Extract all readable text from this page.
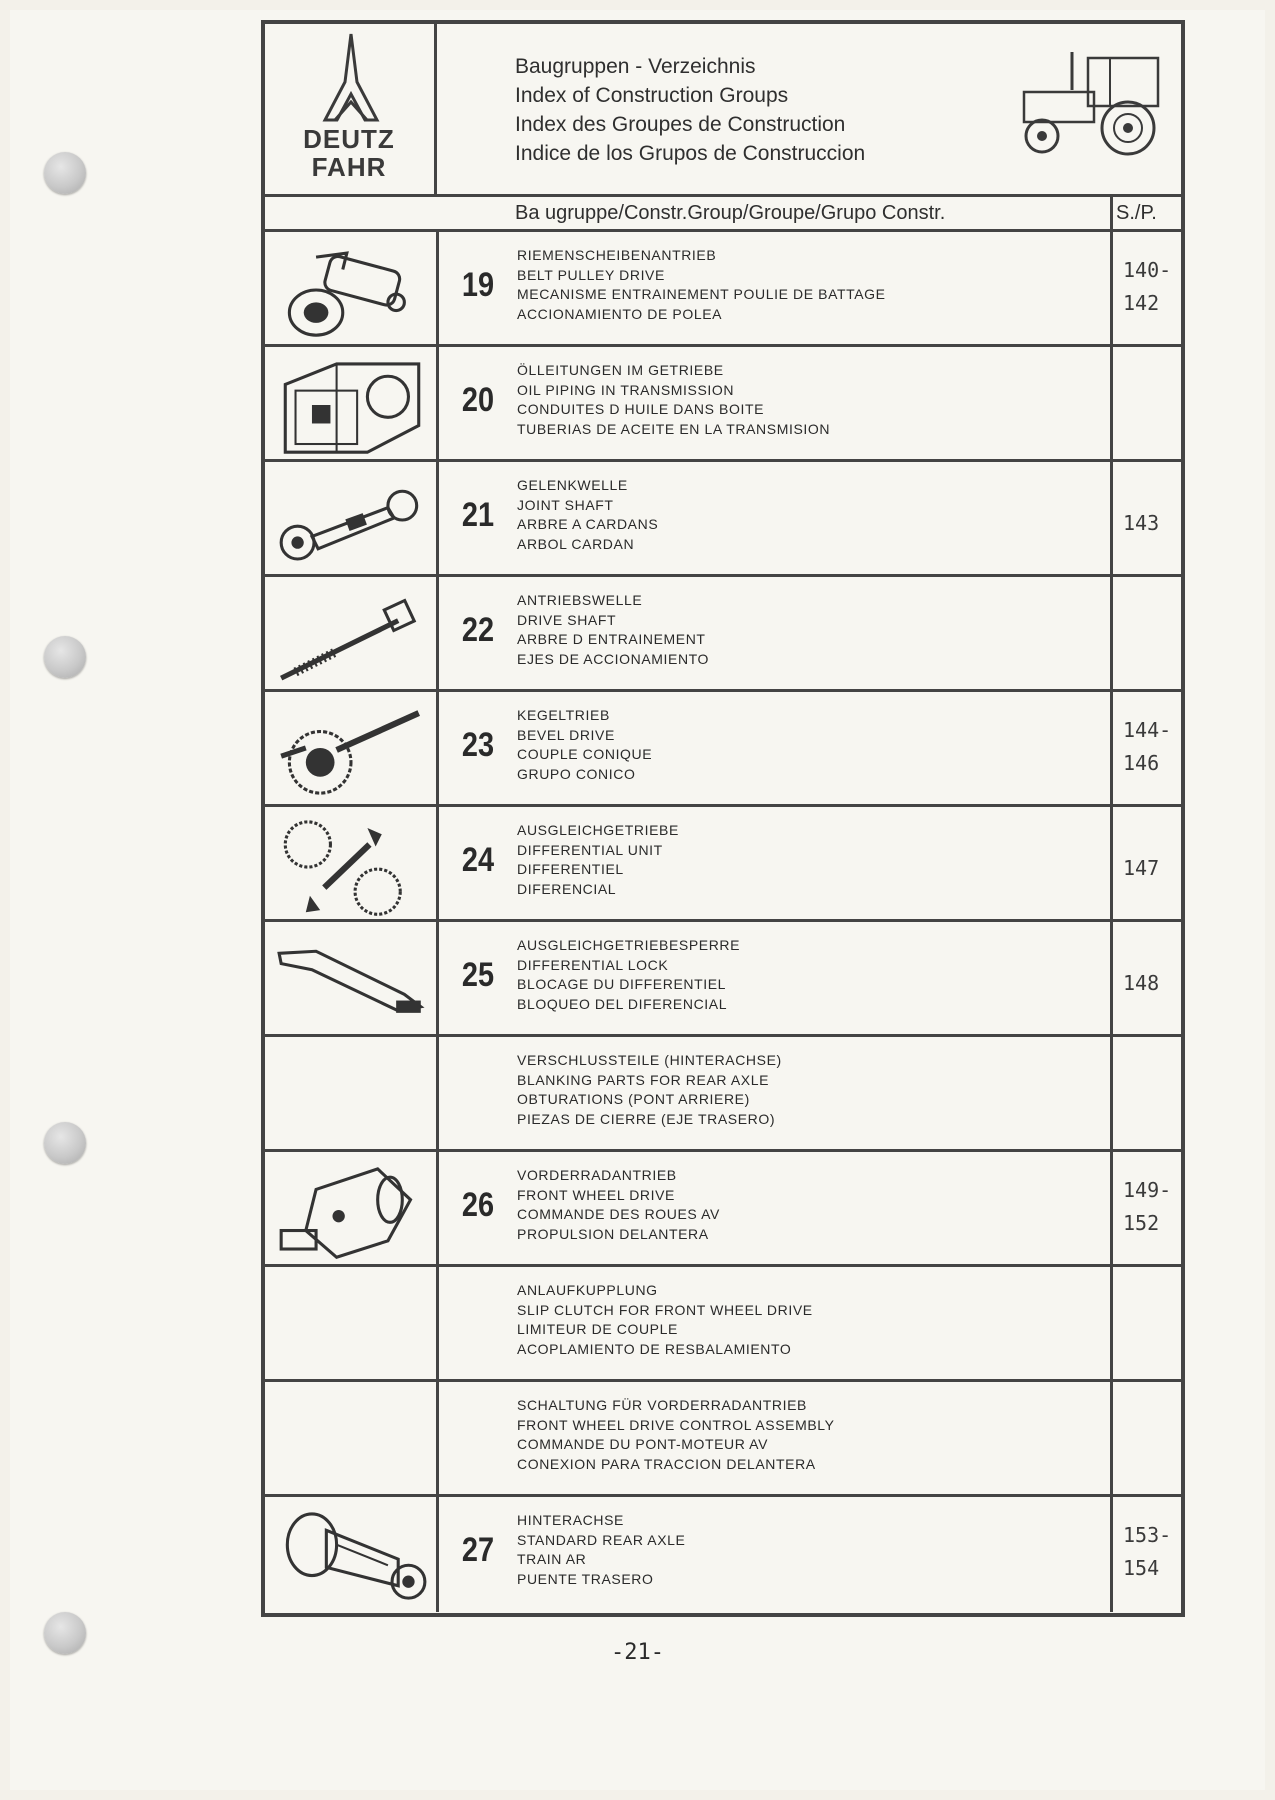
DEUTZ
FAHR
Baugruppen - Verzeichnis
Index of Construction Groups
Index des Groupes de Construction
Indice de los Grupos de Construccion
Ba ugruppe/Constr.Group/Groupe/Grupo Constr.	S./P.
19
RIEMENSCHEIBENANTRIEB
BELT PULLEY DRIVE
MECANISME ENTRAINEMENT POULIE DE BATTAGE
ACCIONAMIENTO DE POLEA
140-
142
20
ÖLLEITUNGEN IM GETRIEBE
OIL PIPING IN TRANSMISSION
CONDUITES D HUILE DANS BOITE
TUBERIAS DE ACEITE EN LA TRANSMISION
21
GELENKWELLE
JOINT SHAFT
ARBRE A CARDANS
ARBOL CARDAN
143
22
ANTRIEBSWELLE
DRIVE SHAFT
ARBRE D ENTRAINEMENT
EJES DE ACCIONAMIENTO
23
KEGELTRIEB
BEVEL DRIVE
COUPLE CONIQUE
GRUPO CONICO
144-
146
24
AUSGLEICHGETRIEBE
DIFFERENTIAL UNIT
DIFFERENTIEL
DIFERENCIAL
147
25
AUSGLEICHGETRIEBESPERRE
DIFFERENTIAL LOCK
BLOCAGE DU DIFFERENTIEL
BLOQUEO DEL DIFERENCIAL
148
VERSCHLUSSTEILE (HINTERACHSE)
BLANKING PARTS FOR REAR AXLE
OBTURATIONS (PONT ARRIERE)
PIEZAS DE CIERRE (EJE TRASERO)
26
VORDERRADANTRIEB
FRONT WHEEL DRIVE
COMMANDE DES ROUES AV
PROPULSION DELANTERA
149-
152
ANLAUFKUPPLUNG
SLIP CLUTCH FOR FRONT WHEEL DRIVE
LIMITEUR DE COUPLE
ACOPLAMIENTO DE RESBALAMIENTO
SCHALTUNG FÜR VORDERRADANTRIEB
FRONT WHEEL DRIVE CONTROL ASSEMBLY
COMMANDE DU PONT-MOTEUR AV
CONEXION PARA TRACCION DELANTERA
27
HINTERACHSE
STANDARD REAR AXLE
TRAIN AR
PUENTE TRASERO
153-
154
-21-
